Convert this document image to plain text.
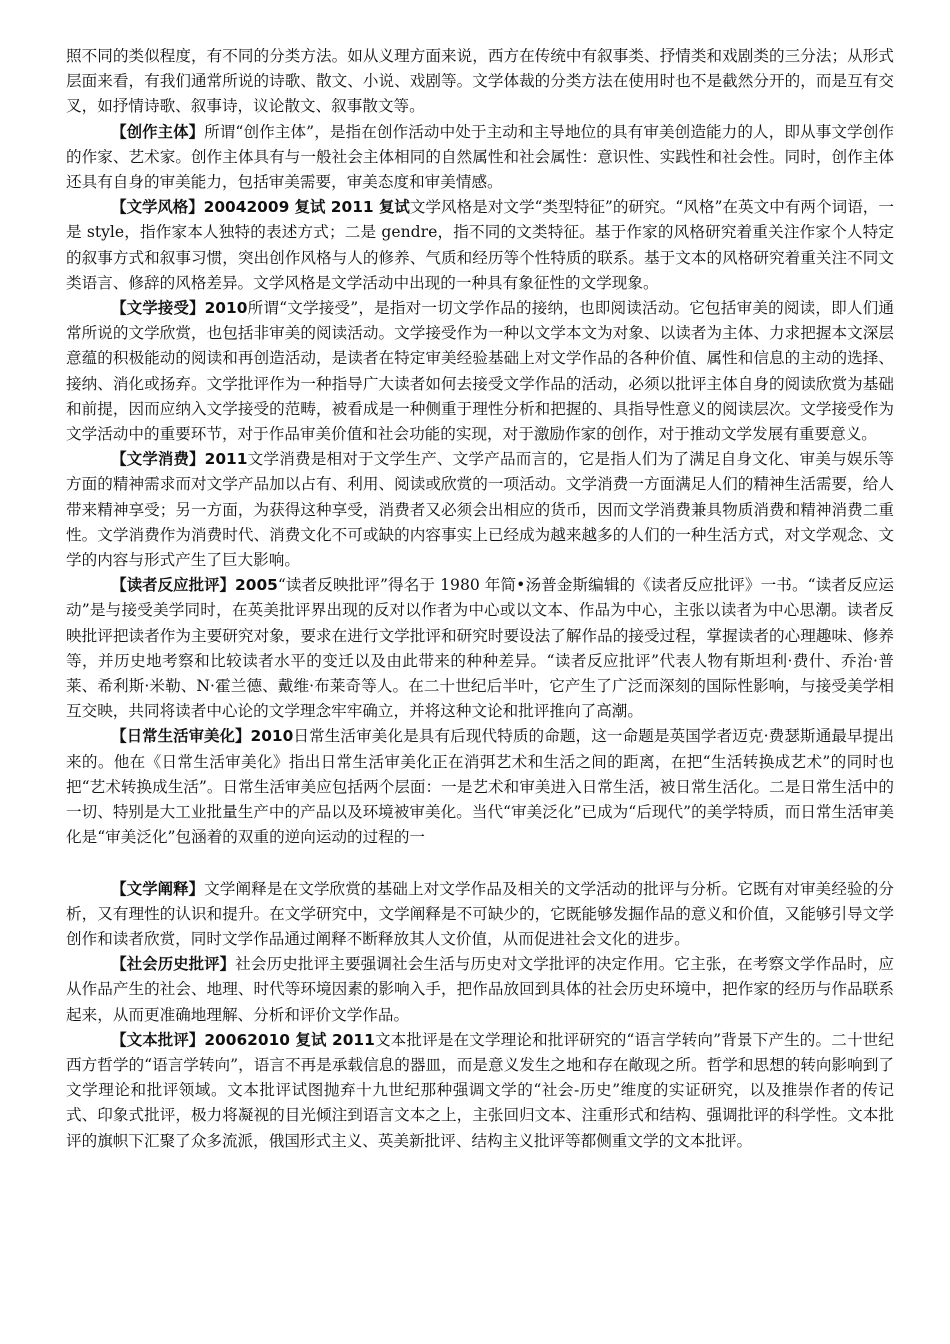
照不同的类似程度，有不同的分类方法。如从义理方面来说，西方在传统中有叙事类、抒情类和戏剧类的三分法；从形式层面来看，有我们通常所说的诗歌、散文、小说、戏剧等。文学体裁的分类方法在使用时也不是截然分开的，而是互有交叉，如抒情诗歌、叙事诗，议论散文、叙事散文等。

【创作主体】所谓“创作主体”，是指在创作活动中处于主动和主导地位的具有审美创造能力的人，即从事文学创作的作家、艺术家。创作主体具有与一般社会主体相同的自然属性和社会属性：意识性、实践性和社会性。同时，创作主体还具有自身的审美能力，包括审美需要，审美态度和审美情感。

【文学风格】20042009 复试 2011 复试文学风格是对文学“类型特征”的研究。“风格”在英文中有两个词语，一是 style，指作家本人独特的表述方式；二是 gendre，指不同的文类特征。基于作家的风格研究着重关注作家个人特定的叙事方式和叙事习惯，突出创作风格与人的修养、气质和经历等个性特质的联系。基于文本的风格研究着重关注不同文类语言、修辞的风格差异。文学风格是文学活动中出现的一种具有象征性的文学现象。

【文学接受】2010所谓“文学接受”，是指对一切文学作品的接纳，也即阅读活动。它包括审美的阅读，即人们通常所说的文学欣赏，也包括非审美的阅读活动。文学接受作为一种以文学本文为对象、以读者为主体、力求把握本文深层意蕴的积极能动的阅读和再创造活动，是读者在特定审美经验基础上对文学作品的各种价值、属性和信息的主动的选择、接纳、消化或扬弃。文学批评作为一种指导广大读者如何去接受文学作品的活动，必须以批评主体自身的阅读欣赏为基础和前提，因而应纳入文学接受的范畴，被看成是一种侧重于理性分析和把握的、具指导性意义的阅读层次。文学接受作为文学活动中的重要环节，对于作品审美价值和社会功能的实现，对于激励作家的创作，对于推动文学发展有重要意义。

【文学消费】2011文学消费是相对于文学生产、文学产品而言的，它是指人们为了满足自身文化、审美与娱乐等方面的精神需求而对文学产品加以占有、利用、阅读或欣赏的一项活动。文学消费一方面满足人们的精神生活需要，给人带来精神享受；另一方面，为获得这种享受，消费者又必须会出相应的货币，因而文学消费兼具物质消费和精神消费二重性。文学消费作为消费时代、消费文化不可或缺的内容事实上已经成为越来越多的人们的一种生活方式，对文学观念、文学的内容与形式产生了巨大影响。

【读者反应批评】2005“读者反映批评”得名于 1980 年简•汤普金斯编辑的《读者反应批评》一书。“读者反应运动”是与接受美学同时，在英美批评界出现的反对以作者为中心或以文本、作品为中心，主张以读者为中心思潮。读者反映批评把读者作为主要研究对象，要求在进行文学批评和研究时要设法了解作品的接受过程，掌握读者的心理趣味、修养等，并历史地考察和比较读者水平的变迁以及由此带来的种种差异。“读者反应批评”代表人物有斯坦利·费什、乔治·普莱、希利斯·米勒、N·霍兰德、戴维·布莱奇等人。在二十世纪后半叶，它产生了广泛而深刻的国际性影响，与接受美学相互交映，共同将读者中心论的文学理念牢牢确立，并将这种文论和批评推向了高潮。

【日常生活审美化】2010日常生活审美化是具有后现代特质的命题，这一命题是英国学者迈克·费瑟斯通最早提出来的。他在《日常生活审美化》指出日常生活审美化正在消弭艺术和生活之间的距离，在把“生活转换成艺术”的同时也把“艺术转换成生活”。日常生活审美应包括两个层面：一是艺术和审美进入日常生活，被日常生活化。二是日常生活中的一切、特别是大工业批量生产中的产品以及环境被审美化。当代“审美泛化”已成为“后现代”的美学特质，而日常生活审美化是“审美泛化”包涵着的双重的逆向运动的过程的一

【文学阐释】文学阐释是在文学欣赏的基础上对文学作品及相关的文学活动的批评与分析。它既有对审美经验的分析，又有理性的认识和提升。在文学研究中，文学阐释是不可缺少的，它既能够发掘作品的意义和价值，又能够引导文学创作和读者欣赏，同时文学作品通过阐释不断释放其人文价值，从而促进社会文化的进步。

【社会历史批评】社会历史批评主要强调社会生活与历史对文学批评的决定作用。它主张，在考察文学作品时，应从作品产生的社会、地理、时代等环境因素的影响入手，把作品放回到具体的社会历史环境中，把作家的经历与作品联系起来，从而更准确地理解、分析和评价文学作品。

【文本批评】20062010 复试 2011文本批评是在文学理论和批评研究的“语言学转向”背景下产生的。二十世纪西方哲学的“语言学转向”，语言不再是承载信息的器皿，而是意义发生之地和存在敞现之所。哲学和思想的转向影响到了文学理论和批评领域。文本批评试图抛弃十九世纪那种强调文学的“社会-历史”维度的实证研究，以及推崇作者的传记式、印象式批评，极力将凝视的目光倾注到语言文本之上，主张回归文本、注重形式和结构、强调批评的科学性。文本批评的旗帜下汇聚了众多流派，俄国形式主义、英美新批评、结构主义批评等都侧重文学的文本批评。
